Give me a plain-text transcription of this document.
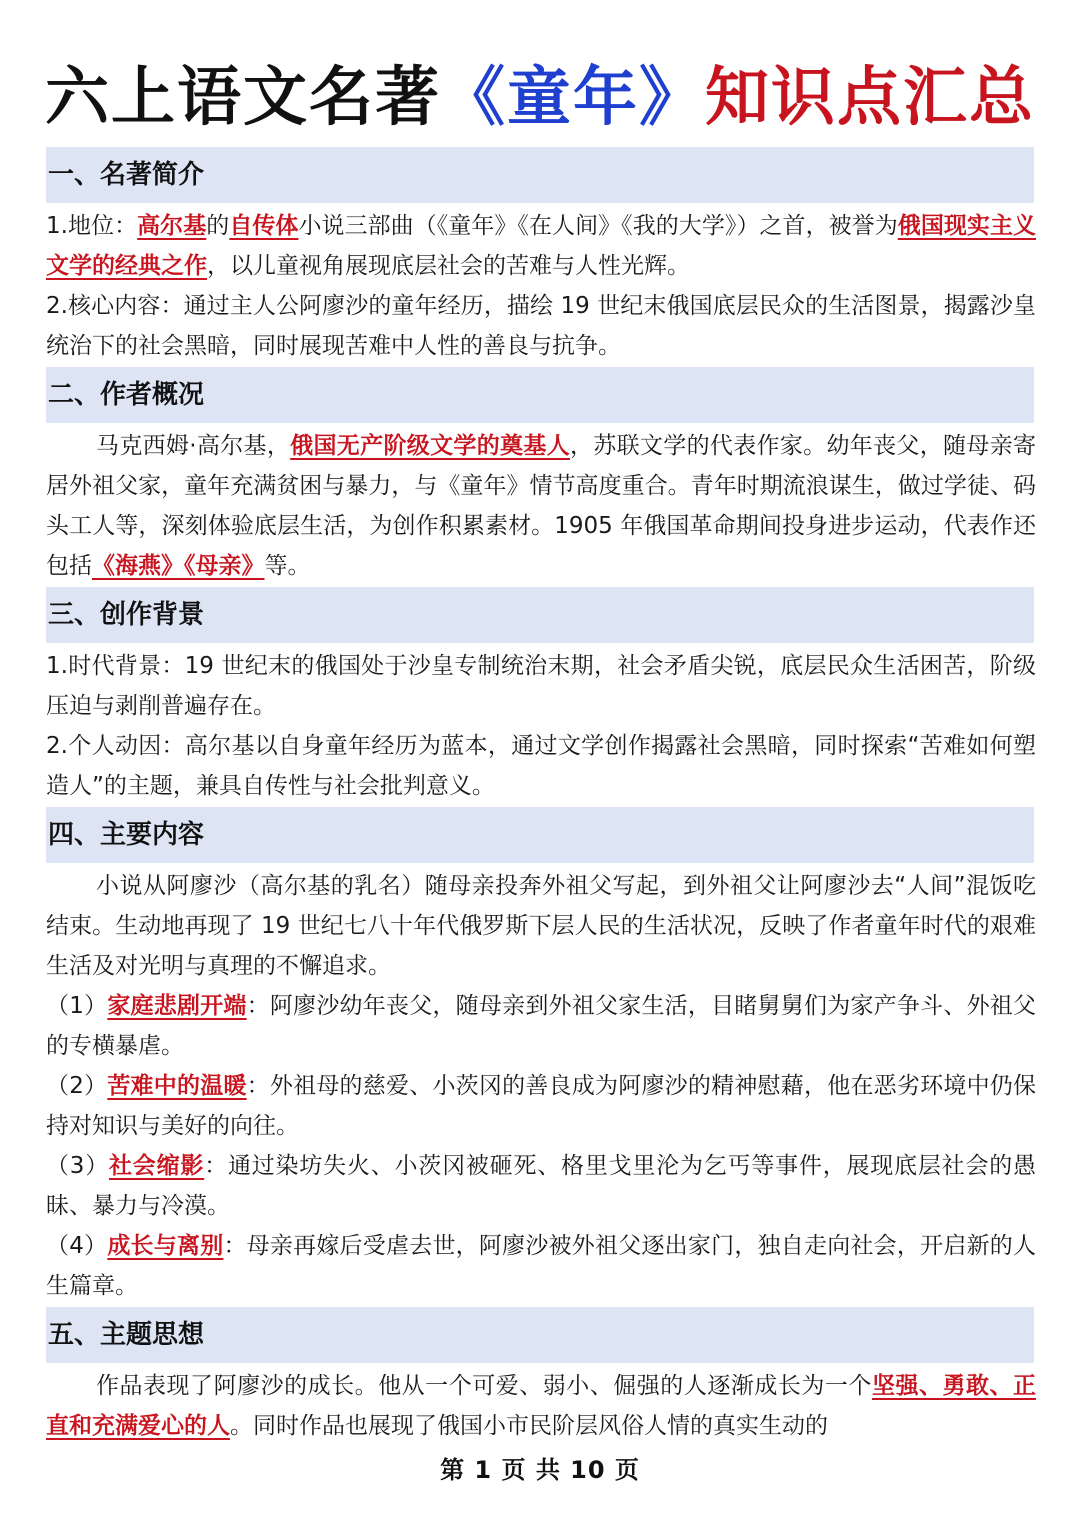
六上语文名著《童年》知识点汇总
一、名著简介
二、作者概况
三、创作背景
四、主要内容
五、主题思想

1.地位：高尔基的自传体小说三部曲（《童年》《在人间》《我的大学》）之首，被誉为俄国现实主义文学的经典之作，以儿童视角展现底层社会的苦难与人性光辉。

2.核心内容：通过主人公阿廖沙的童年经历，描绘 19 世纪末俄国底层民众的生活图景，揭露沙皇统治下的社会黑暗，同时展现苦难中人性的善良与抗争。

马克西姆·高尔基，俄国无产阶级文学的奠基人，苏联文学的代表作家。幼年丧父，随母亲寄居外祖父家，童年充满贫困与暴力，与《童年》情节高度重合。青年时期流浪谋生，做过学徒、码头工人等，深刻体验底层生活，为创作积累素材。1905 年俄国革命期间投身进步运动，代表作还包括《海燕》《母亲》等。

1.时代背景：19 世纪末的俄国处于沙皇专制统治末期，社会矛盾尖锐，底层民众生活困苦，阶级压迫与剥削普遍存在。

2.个人动因：高尔基以自身童年经历为蓝本，通过文学创作揭露社会黑暗，同时探索“苦难如何塑造人”的主题，兼具自传性与社会批判意义。

小说从阿廖沙（高尔基的乳名）随母亲投奔外祖父写起，到外祖父让阿廖沙去“人间”混饭吃结束。生动地再现了 19 世纪七八十年代俄罗斯下层人民的生活状况，反映了作者童年时代的艰难生活及对光明与真理的不懈追求。

（1）家庭悲剧开端：阿廖沙幼年丧父，随母亲到外祖父家生活，目睹舅舅们为家产争斗、外祖父的专横暴虐。

（2）苦难中的温暖：外祖母的慈爱、小茨冈的善良成为阿廖沙的精神慰藉，他在恶劣环境中仍保持对知识与美好的向往。

（3）社会缩影：通过染坊失火、小茨冈被砸死、格里戈里沦为乞丐等事件，展现底层社会的愚昧、暴力与冷漠。

（4）成长与离别：母亲再嫁后受虐去世，阿廖沙被外祖父逐出家门，独自走向社会，开启新的人生篇章。

作品表现了阿廖沙的成长。他从一个可爱、弱小、倔强的人逐渐成长为一个坚强、勇敢、正直和充满爱心的人。同时作品也展现了俄国小市民阶层风俗人情的真实生动的

第 1 页 共 10 页
